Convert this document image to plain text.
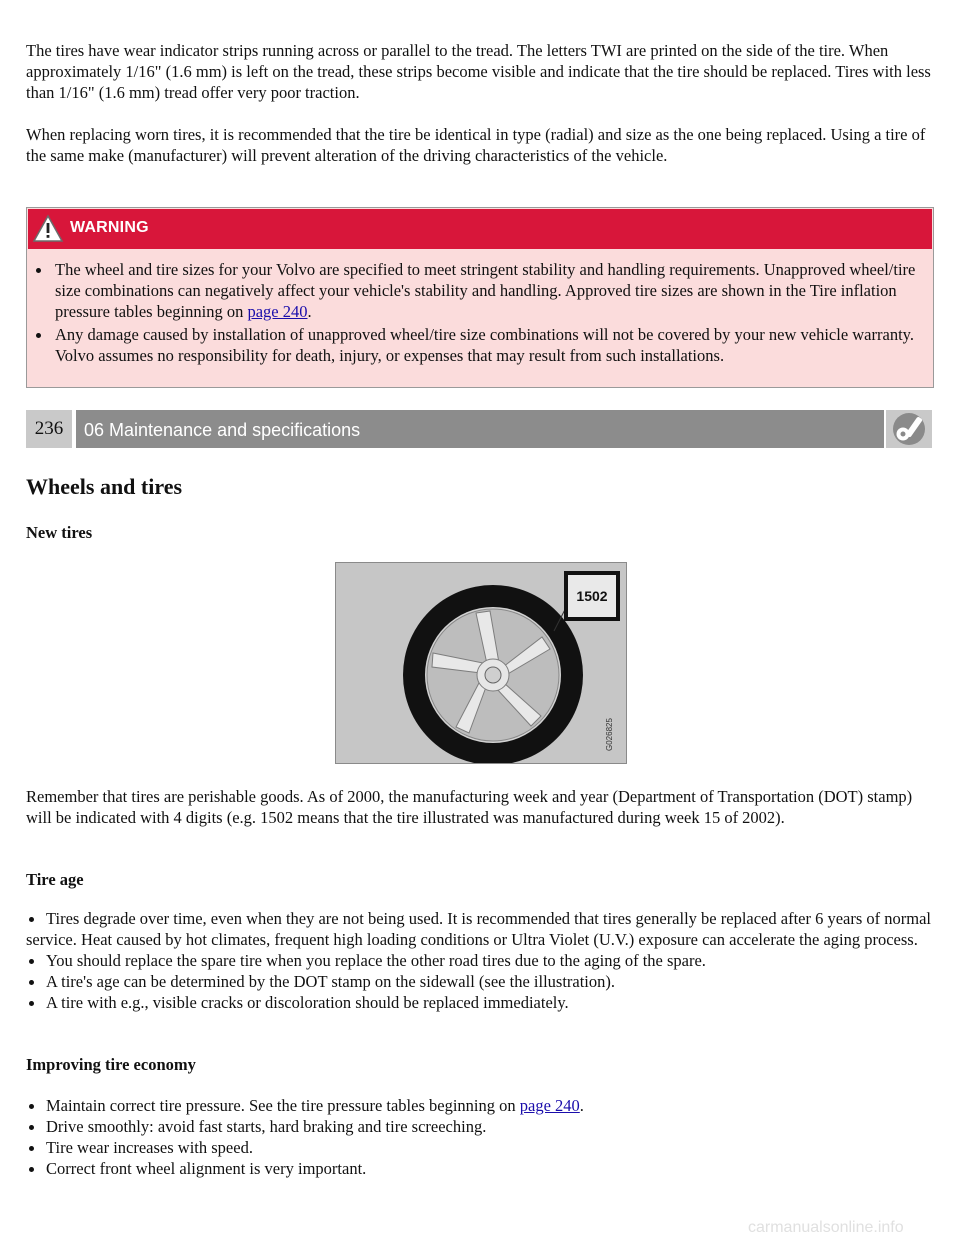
The tires have wear indicator strips running across or parallel to the tread. The letters TWI are printed on the side of the tire. When approximately 1/16" (1.6 mm) is left on the tread, these strips become visible and indicate that the tire should be replaced. Tires with less than 1/16" (1.6 mm) tread offer very poor traction.

When replacing worn tires, it is recommended that the tire be identical in type (radial) and size as the one being replaced. Using a tire of the same make (manufacturer) will prevent alteration of the driving characteristics of the vehicle.

WARNING
The wheel and tire sizes for your Volvo are specified to meet stringent stability and handling requirements. Unapproved wheel/tire size combinations can negatively affect your vehicle's stability and handling. Approved tire sizes are shown in the Tire inflation pressure tables beginning on page 240.
Any damage caused by installation of unapproved wheel/tire size combinations will not be covered by your new vehicle warranty. Volvo assumes no responsibility for death, injury, or expenses that may result from such installations.
236	06 Maintenance and specifications
Wheels and tires

New tires

1502
G026825

Remember that tires are perishable goods. As of 2000, the manufacturing week and year (Department of Transportation (DOT) stamp) will be indicated with 4 digits (e.g. 1502 means that the tire illustrated was manufactured during week 15 of 2002).

Tire age

Tires degrade over time, even when they are not being used. It is recommended that tires generally be replaced after 6 years of normal service. Heat caused by hot climates, frequent high loading conditions or Ultra Violet (U.V.) exposure can accelerate the aging process.
You should replace the spare tire when you replace the other road tires due to the aging of the spare.
A tire's age can be determined by the DOT stamp on the sidewall (see the illustration).
A tire with e.g., visible cracks or discoloration should be replaced immediately.

Improving tire economy

Maintain correct tire pressure. See the tire pressure tables beginning on page 240.
Drive smoothly: avoid fast starts, hard braking and tire screeching.
Tire wear increases with speed.
Correct front wheel alignment is very important.
carmanualsonline.info
